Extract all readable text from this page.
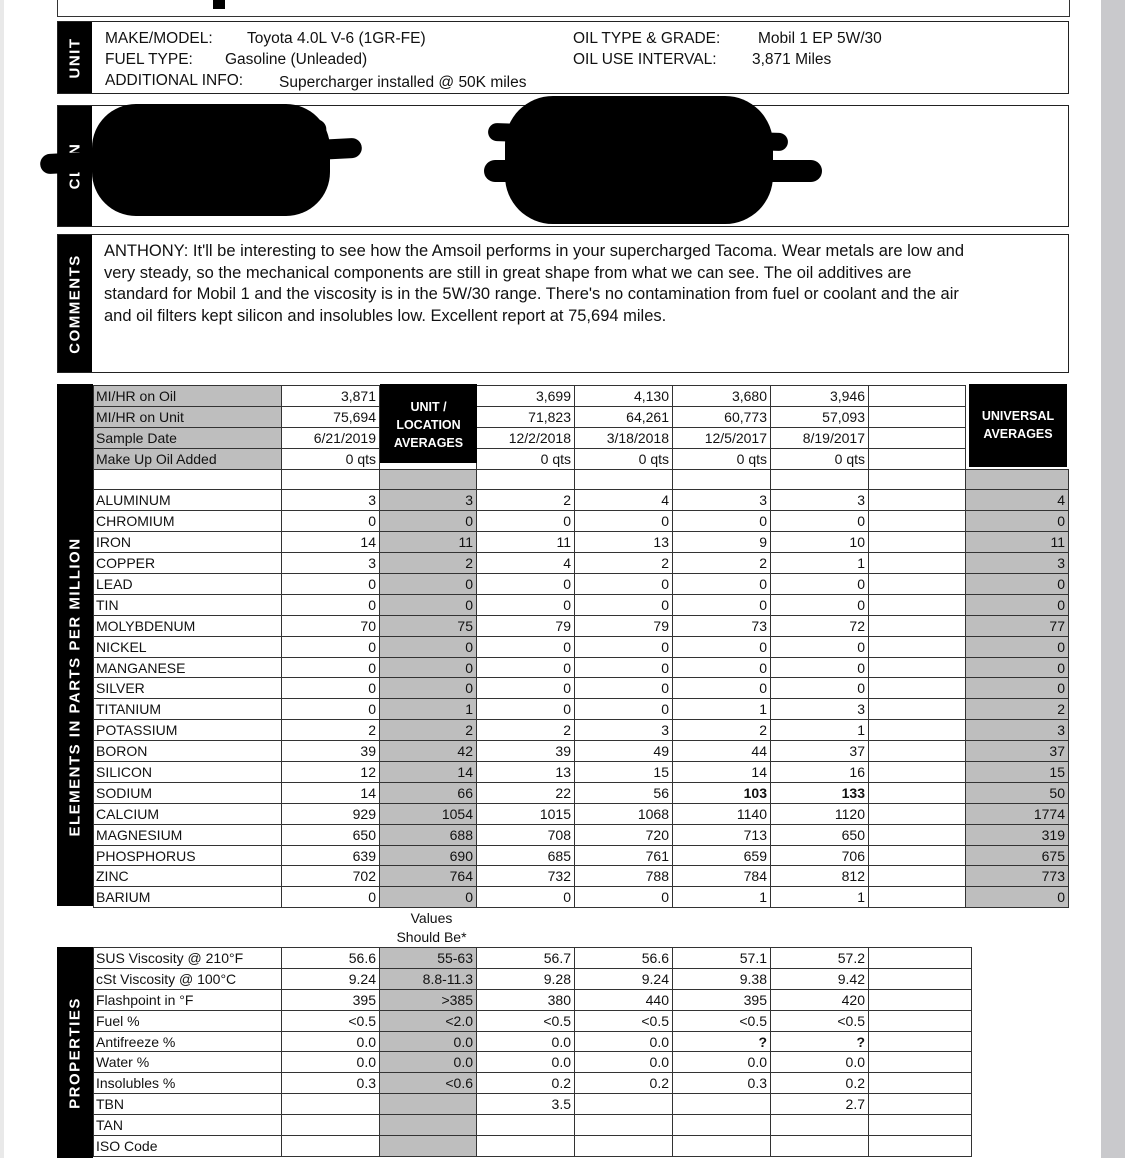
UNIT MAKE/MODEL: Toyota 4.0L V-6 (1GR-FE)
FUEL TYPE: Gasoline (Unleaded)
ADDITIONAL INFO: Supercharger installed @ 50K miles
OIL TYPE & GRADE: Mobil 1 EP 5W/30
OIL USE INTERVAL: 3,871 Miles
COMMENTS
ANTHONY: It'll be interesting to see how the Amsoil performs in your supercharged Tacoma. Wear metals are low and very steady, so the mechanical components are still in great shape from what we can see. The oil additives are standard for Mobil 1 and the viscosity is in the 5W/30 range. There's no contamination from fuel or coolant and the air and oil filters kept silicon and insolubles low. Excellent report at 75,694 miles.
ELEMENTS IN PARTS PER MILLION
MI/HR on Oil	3,871		3,699	4,130	3,680	3,946		
MI/HR on Unit	75,694		71,823	64,261	60,773	57,093		
Sample Date	6/21/2019		12/2/2018	3/18/2018	12/5/2017	8/19/2017		
Make Up Oil Added	0 qts		0 qts	0 qts	0 qts	0 qts		

ALUMINUM	3	3	2	4	3	3		4
CHROMIUM	0	0	0	0	0	0		0
IRON	14	11	11	13	9	10		11
COPPER	3	2	4	2	2	1		3
LEAD	0	0	0	0	0	0		0
TIN	0	0	0	0	0	0		0
MOLYBDENUM	70	75	79	79	73	72		77
NICKEL	0	0	0	0	0	0		0
MANGANESE	0	0	0	0	0	0		0
SILVER	0	0	0	0	0	0		0
TITANIUM	0	1	0	0	1	3		2
POTASSIUM	2	2	2	3	2	1		3
BORON	39	42	39	49	44	37		37
SILICON	12	14	13	15	14	16		15
SODIUM	14	66	22	56	103	133		50
CALCIUM	929	1054	1015	1068	1140	1120		1774
MAGNESIUM	650	688	708	720	713	650		319
PHOSPHORUS	639	690	685	761	659	706		675
ZINC	702	764	732	788	784	812		773
BARIUM	0	0	0	0	1	1		0
UNIT /
LOCATION
AVERAGES
UNIVERSAL
AVERAGES
Values
Should Be*
PROPERTIES
SUS Viscosity @ 210°F	56.6	55-63	56.7	56.6	57.1	57.2	
cSt Viscosity @ 100°C	9.24	8.8-11.3	9.28	9.24	9.38	9.42	
Flashpoint in °F	395	>385	380	440	395	420	
Fuel %	<0.5	<2.0	<0.5	<0.5	<0.5	<0.5	
Antifreeze %	0.0	0.0	0.0	0.0	?	?	
Water %	0.0	0.0	0.0	0.0	0.0	0.0	
Insolubles %	0.3	<0.6	0.2	0.2	0.3	0.2	
TBN			3.5			2.7	
TAN							
ISO Code							
